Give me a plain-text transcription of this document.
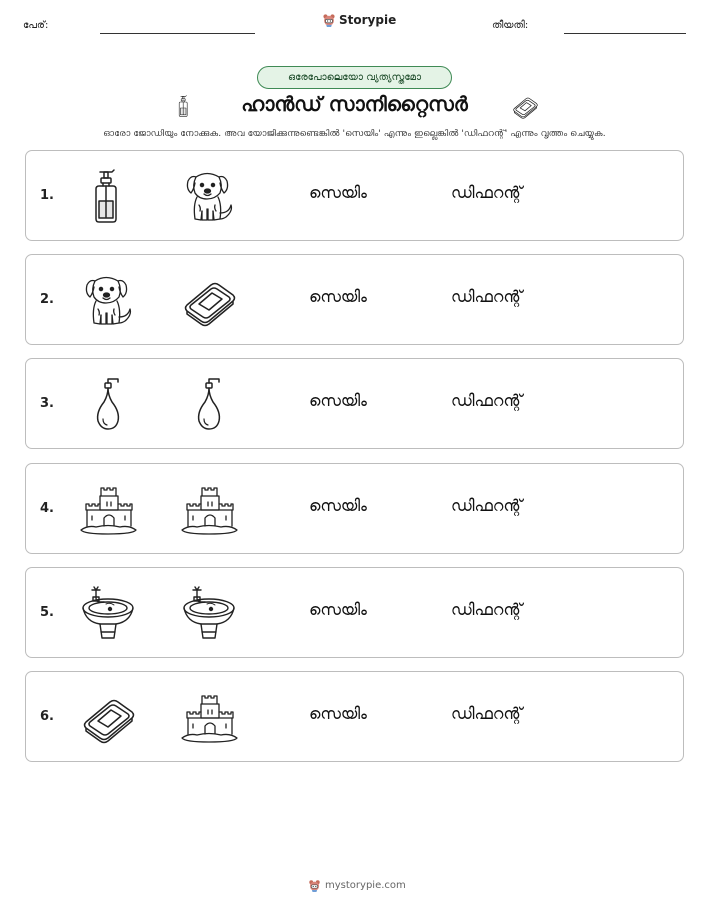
പേര്:	Storypie	തീയതി:
ഒരേപോലെയോ വ്യത്യസ്തമോ
ഹാൻഡ് സാനിറ്റൈസർ
ഓരോ ജോഡിയും നോക്കുക. അവ യോജിക്കുന്നുണ്ടെങ്കിൽ 'സെയിം' എന്നും ഇല്ലെങ്കിൽ 'ഡിഫറന്റ്' എന്നും വൃത്തം ചെയ്യുക.
1.	സെയിം	ഡിഫറന്റ്
2.	സെയിം	ഡിഫറന്റ്
3.	സെയിം	ഡിഫറന്റ്
4.	സെയിം	ഡിഫറന്റ്
5.	സെയിം	ഡിഫറന്റ്
6.	സെയിം	ഡിഫറന്റ്
mystorypie.com
